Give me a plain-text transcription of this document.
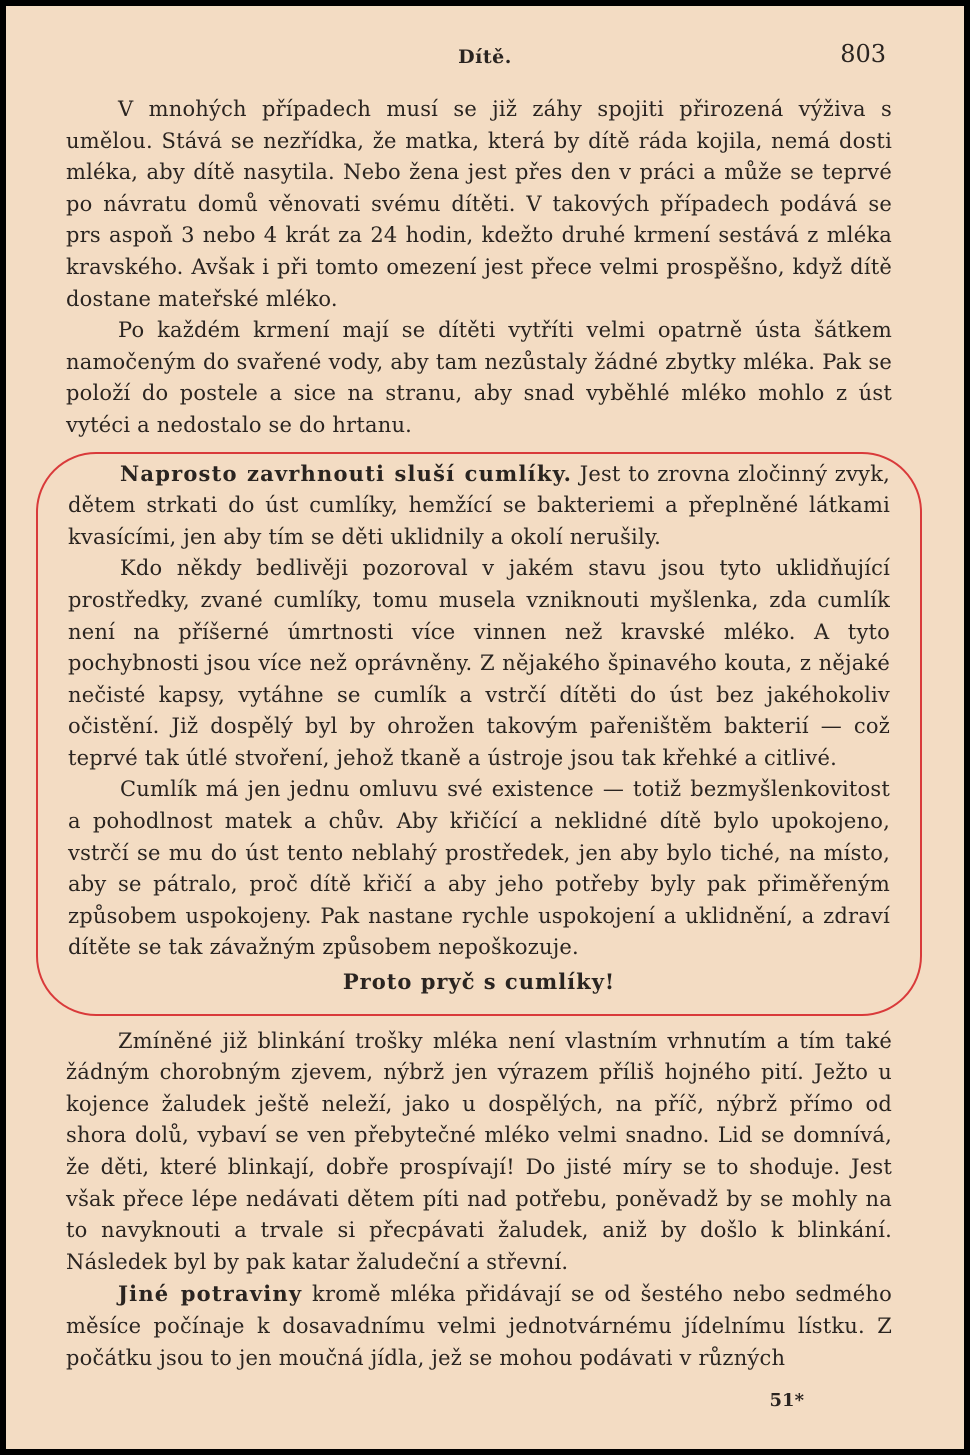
Dítě.	803

V mnohých případech musí se již záhy spojiti přirozená výživa s umělou. Stává se nezřídka, že matka, která by dítě ráda kojila, nemá dosti mléka, aby dítě nasytila. Nebo žena jest přes den v práci a může se teprvé po návratu domů věnovati svému dítěti. V takových případech podává se prs aspoň 3 nebo 4 krát za 24 hodin, kdežto druhé krmení sestává z mléka kravského. Avšak i při tomto omezení jest přece velmi prospěšno, když dítě dostane mateřské mléko.

Po každém krmení mají se dítěti vytříti velmi opatrně ústa šátkem namočeným do svařené vody, aby tam nezůstaly žádné zbytky mléka. Pak se položí do postele a sice na stranu, aby snad vyběhlé mléko mohlo z úst vytéci a nedostalo se do hrtanu.

Naprosto zavrhnouti sluší cumlíky. Jest to zrovna zločinný zvyk, dětem strkati do úst cumlíky, hemžící se bakteriemi a přeplněné látkami kvasícími, jen aby tím se děti uklidnily a okolí nerušily.

Kdo někdy bedlivěji pozoroval v jakém stavu jsou tyto uklidňující prostředky, zvané cumlíky, tomu musela vzniknouti myšlenka, zda cumlík není na příšerné úmrtnosti více vinnen než kravské mléko. A tyto pochybnosti jsou více než oprávněny. Z nějakého špinavého kouta, z nějaké nečisté kapsy, vytáhne se cumlík a vstrčí dítěti do úst bez jakéhokoliv očistění. Již dospělý byl by ohrožen takovým pařeništěm bakterií — což teprvé tak útlé stvoření, jehož tkaně a ústroje jsou tak křehké a citlivé.

Cumlík má jen jednu omluvu své existence — totiž bezmyšlenkovitost a pohodlnost matek a chův. Aby křičící a neklidné dítě bylo upokojeno, vstrčí se mu do úst tento neblahý prostředek, jen aby bylo tiché, na místo, aby se pátralo, proč dítě křičí a aby jeho potřeby byly pak přiměřeným způsobem uspokojeny. Pak nastane rychle uspokojení a uklidnění, a zdraví dítěte se tak závažným způsobem nepoškozuje.

Proto pryč s cumlíky!

Zmíněné již blinkání trošky mléka není vlastním vrhnutím a tím také žádným chorobným zjevem, nýbrž jen výrazem příliš hojného pití. Ježto u kojence žaludek ještě neleží, jako u dospělých, na příč, nýbrž přímo od shora dolů, vybaví se ven přebytečné mléko velmi snadno. Lid se domnívá, že děti, které blinkají, dobře prospívají! Do jisté míry se to shoduje. Jest však přece lépe nedávati dětem píti nad potřebu, poněvadž by se mohly na to navyknouti a trvale si přecpávati žaludek, aniž by došlo k blinkání. Následek byl by pak katar žaludeční a střevní.

Jiné potraviny kromě mléka přidávají se od šestého nebo sedmého měsíce počínaje k dosavadnímu velmi jednotvárnému jídelnímu lístku. Z počátku jsou to jen moučná jídla, jež se mohou podávati v různých

51*
